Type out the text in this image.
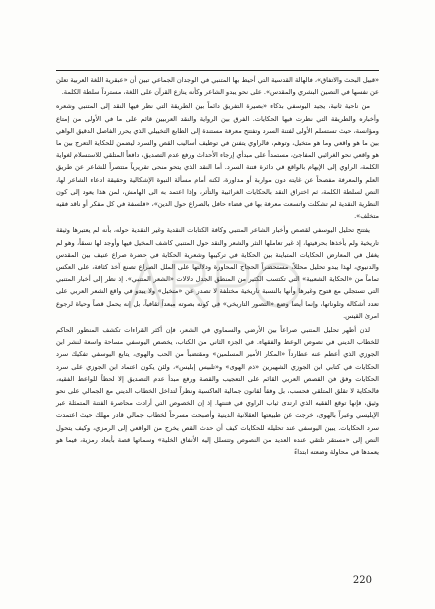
«قبيل البحث والاتفاق»، فالهالة القدسية التي أحيط بها المتنبي في الوجدان الجماعي تبين أن «عبقرية اللغة العربية تعلن عن نفسها في النصين البشري والمقدس». على نحو يبدو الشاعر وكأنه ينازع القرآن على اللغة، مسترداً سلطة الكلمة.

من ناحية ثانية، يجيد اليوسفي بذكاء «بصيرة التفريق دائماً بين الطريقة التي نظر فيها النقد إلى المتنبي وشعره وأخباره والطريقة التي نظرت فيها الحكايات. الفرق بين الرواية والنقد العربيين قائم على ما في الأولى من إمتاع ومؤانسة، حيث تستسلم الأولى لفتنة السرد وتفتتح معرفة مستندة إلى الطابع التخييلي الذي يحرر الفاصل الدقيق الواهي بين ما هو واقعي وما هو متخيل، وتوهم، فالراوي يتفنن في توظيف أساليب القص والسرد ليضمن للحكاية التعرج بين ما هو واقعي نحو الغرائبي المفاجئ، مستمداً على مبدأي إرجاء الأحداث ورفع عدم التصديق، دافعاً المتلقي للاستسلام لغواية الكلمة، الراوي إلى الإيهام بالواقع في دائرة فتنة السرد. أما النقد الذي يتحو منحى تقريرياً متتصراً للشاعر عن طريق العلم والمعرفة مفصحاً عن غايته دون مواربة أو مداورة، لكنه أمام مسألة النبوة الإشكالية وحقيقة ادعاء الشاعر لها، النص لسلطة الكلمة، ثم اختراق النقد بالحكايات الغرائبية والتأثر، وإذا اعتمد به الى الهامش، لمن هذا يعود إلى كون النظرية النقدية لم تشكلت واتسعت معرفة بها في فضاء حافل بالصراع حول الدين»، «فلسفة في كل مفكر أو ناقد فقيه متخلف».

يفتتح تحليل اليوسفي لقصص وأخبار الشاعر المتنبي وكافة الكتابات النقدية وغير النقدية حوله، بأنه لم يعتبرها وثيقة تاريخية ولم يأخذها بحرفيتها، إذ غير تعاملها النثر والشعر والنقد حول المتنبي كاشف المخيل فيها وأوجد لها نسقاً، وهو لم يغفل في المعارض الحكايات المتباينة بين الحكاية في تركيبها وشعرية الحكاية في حضرة صراع عنيف بين المقدس والدنيوي، لهذا يبدو تحليل محللاً، مستحضراً الحجاج المحاورة ودلالتها على الملل الصراع تصنع آخذ كثافة، على العكس تماماً من «الحكاية الشعبية» التي تكتسب الكثير من المنطق الجدل دلالات «الشعر المتنبي». إذ نظر إلى أخبار المتنبي التي تستجلي مع فتوح وغيرها وأنها بالنسبة تاريخية مختلفة لا تصدر عن «متخيل» ولا يبدو في واقع الشعر العربي على تعدد أشكاله وتلوناتها، وإنما أيضا وضع «التصور التاريخي» في كونه بصوته مبعداً ثقافياً، بل إنه يحمل قصاً وحياة لرجوع امرئ القيس.

لذن أظهر تحليل المتنبي صراعاً بين الأرضي والسماوي في الشعر، فإن أكثر القراءات تكشف المنظور الحاكم للخطاب الديني في نصوص الوعظ والفقهاء. في الجزء الثاني من الكتاب، يخصص اليوسفي مساحة واسعة لنشر ابن الجوزي الذي أعظم عنه عطارداً «المكار الأمير المسلمين» ومقتضباً من الحب والهوى، يتابع اليوسفي تفكيك سرد الحكايات في كتابي ابن الجوزي الشهيرين «ذم الهوى» و«تلبيس إبليس»، ولئن يكون اعتماد ابن الجوزي على سرد الحكايات وفق فن القصص العربي القائم على التعجيب والقصة ورفع مبدأ عدم التصديق إلا لحظاً للواعظ الفقيه، فالحكاية لا تقلق المتلقي فحسب، بل وفقاً لقانون جمالية العاكسية ونظراً لتداخل الخطاب الديني مع الجمالي على نحو وثيق، فإنها توقع الفقيه الذي ارتدى ثياب الراوي في فتنتها. إذ إن الخصوص التي أرادت محاصرة الفتنة المتمثلة عبر الإبليسي وعبراً بالهوى، خرجت عن طبيعتها العقلانية الدينية وأصبحت مسرحاً لخطاب جمالي قادر مهلك حيث اعتمدت سرد الحكايات. يبين اليوسفي عند تحليله للحكايات كيف أن حدث القص يخرج من الواقعي إلى الرمزي، وكيف يتحول النص إلى «مستقر تلتقي عنده العديد من النصوص وتتسلل إليه الأنفاق الخلية» وسماتها قصة بأبعاد رمزية، فيما هو يعمدها في محاولة وضعته ابتداءً

220
